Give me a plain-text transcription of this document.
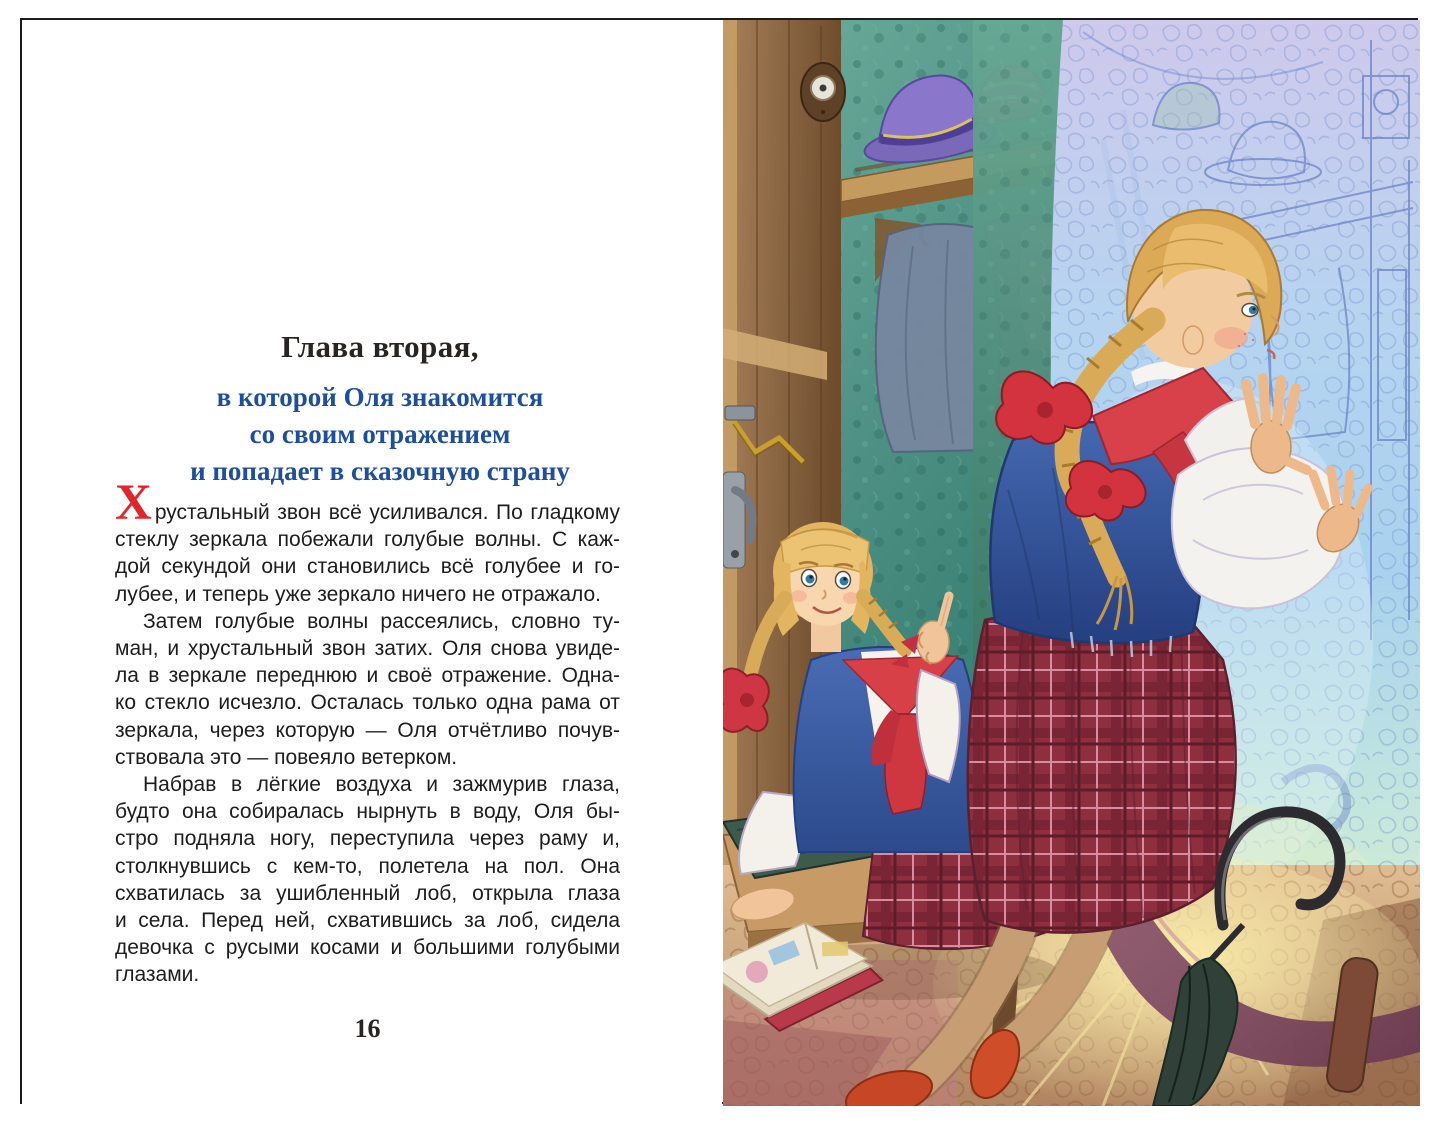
Глава вторая,
в которой Оля знакомится
со своим отражением
и попадает в сказочную страну
Хрустальный звон всё усиливался. По гладкому
стеклу зеркала побежали голубые волны. С каж-
дой секундой они становились всё голубее и го-
лубее, и теперь уже зеркало ничего не отражало.
Затем голубые волны рассеялись, словно ту-
ман, и хрустальный звон затих. Оля снова увиде-
ла в зеркале переднюю и своё отражение. Одна-
ко стекло исчезло. Осталась только одна рама от
зеркала, через которую — Оля отчётливо почув-
ствовала это — повеяло ветерком.
Набрав в лёгкие воздуха и зажмурив глаза,
будто она собиралась нырнуть в воду, Оля бы-
стро подняла ногу, переступила через раму и,
столкнувшись с кем-то, полетела на пол. Она
схватилась за ушибленный лоб, открыла глаза
и села. Перед ней, схватившись за лоб, сидела
девочка с русыми косами и большими голубыми
глазами.
16
